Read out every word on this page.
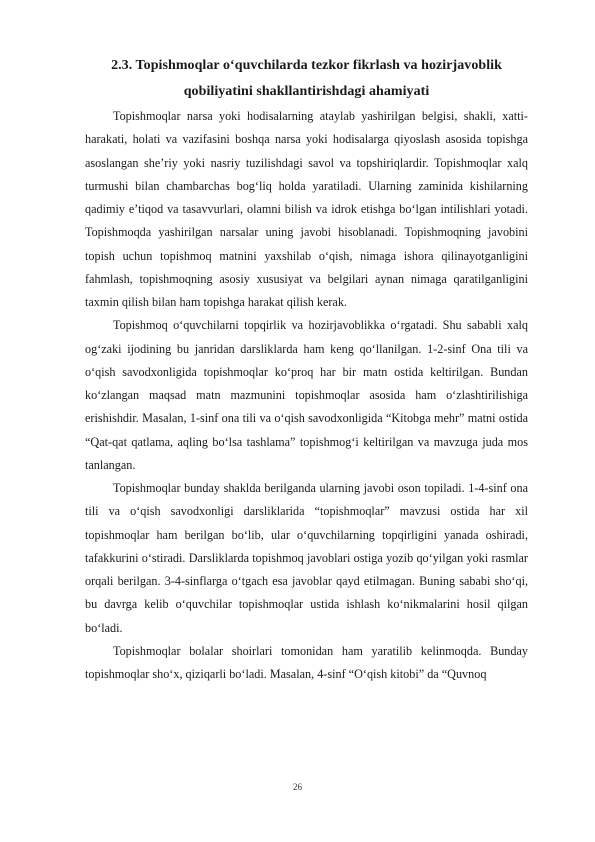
2.3. Topishmoqlar o‘quvchilarda tezkor fikrlash va hozirjavoblik
qobiliyatini shakllantirishdagi ahamiyati

Topishmoqlar narsa yoki hodisalarning ataylab yashirilgan belgisi, shakli, xatti-harakati, holati va vazifasini boshqa narsa yoki hodisalarga qiyoslash asosida topishga asoslangan she’riy yoki nasriy tuzilishdagi savol va topshiriqlardir. Topishmoqlar xalq turmushi bilan chambarchas bog‘liq holda yaratiladi. Ularning zaminida kishilarning qadimiy e’tiqod va tasavvurlari, olamni bilish va idrok etishga bo‘lgan intilishlari yotadi. Topishmoqda yashirilgan narsalar uning javobi hisoblanadi. Topishmoqning javobini topish uchun topishmoq matnini yaxshilab o‘qish, nimaga ishora qilinayotganligini fahmlash, topishmoqning asosiy xususiyat va belgilari aynan nimaga qaratilganligini taxmin qilish bilan ham topishga harakat qilish kerak.

Topishmoq o‘quvchilarni topqirlik va hozirjavoblikka o‘rgatadi. Shu sababli xalq og‘zaki ijodining bu janridan darsliklarda ham keng qo‘llanilgan. 1-2-sinf Ona tili va o‘qish savodxonligida topishmoqlar ko‘proq har bir matn ostida keltirilgan. Bundan ko‘zlangan maqsad matn mazmunini topishmoqlar asosida ham o‘zlashtirilishiga erishishdir. Masalan, 1-sinf ona tili va o‘qish savodxonligida “Kitobga mehr” matni ostida “Qat-qat qatlama, aqling bo‘lsa tashlama” topishmog‘i keltirilgan va mavzuga juda mos tanlangan.

Topishmoqlar bunday shaklda berilganda ularning javobi oson topiladi. 1-4-sinf ona tili va o‘qish savodxonligi darsliklarida “topishmoqlar” mavzusi ostida har xil topishmoqlar ham berilgan bo‘lib, ular o‘quvchilarning topqirligini yanada oshiradi, tafakkurini o‘stiradi. Darsliklarda topishmoq javoblari ostiga yozib qo‘yilgan yoki rasmlar orqali berilgan. 3-4-sinflarga o‘tgach esa javoblar qayd etilmagan. Buning sababi sho‘qi, bu davrga kelib o‘quvchilar topishmoqlar ustida ishlash ko‘nikmalarini hosil qilgan bo‘ladi.

Topishmoqlar bolalar shoirlari tomonidan ham yaratilib kelinmoqda. Bunday topishmoqlar sho‘x, qiziqarli bo‘ladi. Masalan, 4-sinf “O‘qish kitobi” da “Quvnoq

26
